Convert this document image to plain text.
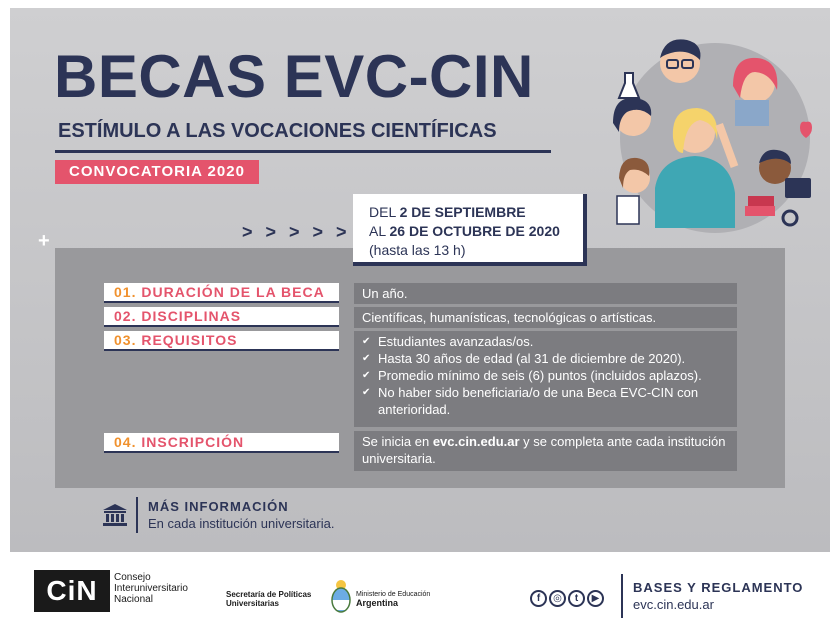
BECAS EVC-CIN
ESTÍMULO A LAS VOCACIONES CIENTÍFICAS
CONVOCATORIA 2020
+	> > > > >
DEL 2 DE SEPTIEMBRE
AL 26 DE OCTUBRE DE 2020
(hasta las 13 h)
01. DURACIÓN DE LA BECA	Un año.
02. DISCIPLINAS	Científicas, humanísticas, tecnológicas o artísticas.
03. REQUISITOS
✔	Estudiantes avanzadas/os.
✔ Hasta 30 años de edad (al 31 de diciembre de 2020).
✔ Promedio mínimo de seis (6) puntos (incluidos aplazos).
✔ No haber sido beneficiaria/o de una Beca EVC-CIN con anterioridad.
04. INSCRIPCIÓN	Se inicia en evc.cin.edu.ar y se completa ante cada institución universitaria.
MÁS INFORMACIÓN
En cada institución universitaria.
CiN	Consejo
Interuniversitario
Nacional	Secretaría de Políticas
Universitarias
Ministerio de Educación
Argentina	f	◎	t	▶
BASES Y REGLAMENTO
evc.cin.edu.ar
